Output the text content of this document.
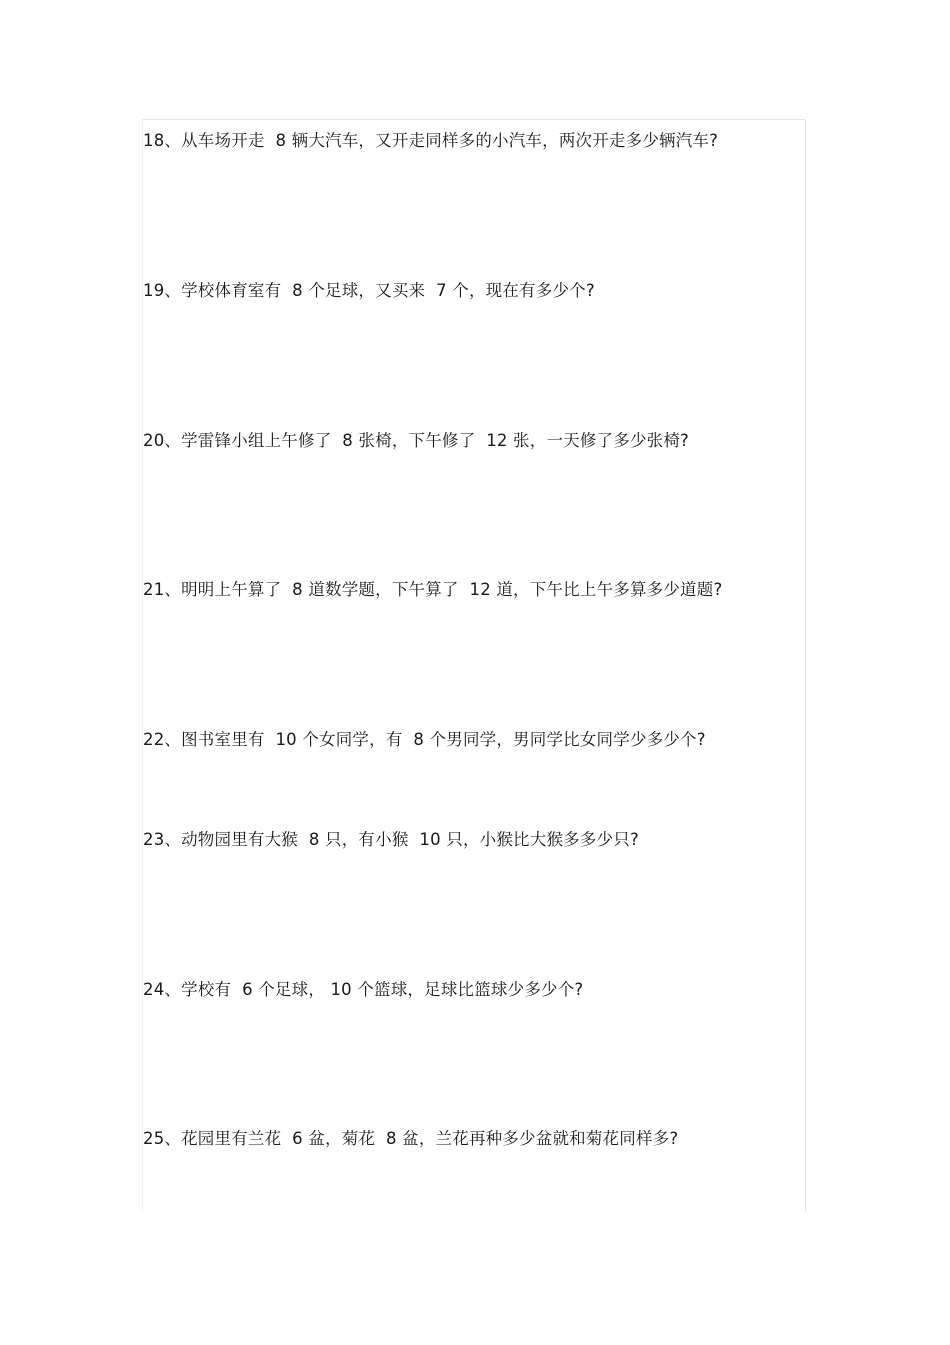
18、从车场开走  8 辆大汽车，又开走同样多的小汽车，两次开走多少辆汽车?
19、学校体育室有  8 个足球，又买来  7 个，现在有多少个?
20、学雷锋小组上午修了  8 张椅，下午修了  12 张，一天修了多少张椅?
21、明明上午算了  8 道数学题，下午算了  12 道，下午比上午多算多少道题?
22、图书室里有  10 个女同学，有  8 个男同学，男同学比女同学少多少个?
23、动物园里有大猴  8 只，有小猴  10 只，小猴比大猴多多少只?
24、学校有  6 个足球， 10 个篮球，足球比篮球少多少个?
25、花园里有兰花  6 盆，菊花  8 盆，兰花再种多少盆就和菊花同样多?
